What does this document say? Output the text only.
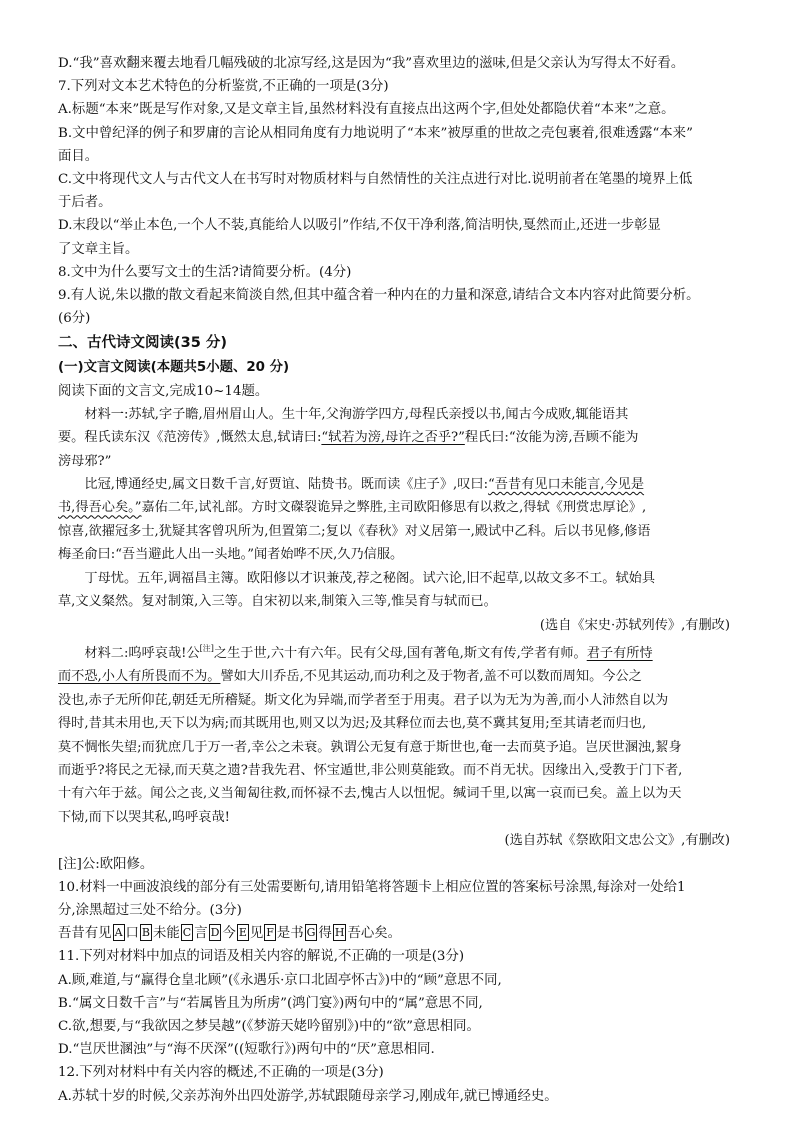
D.“我”喜欢翻来覆去地看几幅残破的北凉写经,这是因为“我”喜欢里边的滋味,但是父亲认为写得太不好看。
7.下列对文本艺术特色的分析鉴赏,不正确的一项是(3分)
A.标题“本来”既是写作对象,又是文章主旨,虽然材料没有直接点出这两个字,但处处都隐伏着“本来”之意。
B.文中曾纪泽的例子和罗庸的言论从相同角度有力地说明了“本来”被厚重的世故之壳包裹着,很难透露“本来”
面目。
C.文中将现代文人与古代文人在书写时对物质材料与自然情性的关注点进行对比.说明前者在笔墨的境界上低
于后者。
D.末段以“举止本色,一个人不装,真能给人以吸引”作结,不仅干净利落,简洁明快,戛然而止,还进一步彰显
了文章主旨。
8.文中为什么要写文士的生活?请简要分析。(4分)
9.有人说,朱以撒的散文看起来简淡自然,但其中蕴含着一种内在的力量和深意,请结合文本内容对此简要分析。
(6分)
二、古代诗文阅读(35 分)
(一)文言文阅读(本题共5小题、20 分)
阅读下面的文言文,完成10~14题。
材料一:苏轼,字子瞻,眉州眉山人。生十年,父洵游学四方,母程氏亲授以书,闻古今成败,辄能语其
要。程氏读东汉《范滂传》,慨然太息,轼请曰:“轼若为滂,母许之否乎?”程氏曰:“汝能为滂,吾顾不能为
滂母邪?”
比冠,博通经史,属文日数千言,好贾谊、陆贽书。既而读《庄子》,叹曰:“吾昔有见口未能言,今见是
书,得吾心矣。”嘉佑二年,试礼部。方时文磔裂诡异之弊胜,主司欧阳修思有以救之,得轼《刑赏忠厚论》,
惊喜,欲擢冠多士,犹疑其客曾巩所为,但置第二;复以《春秋》对义居第一,殿试中乙科。后以书见修,修语
梅圣俞曰:“吾当避此人出一头地。”闻者始哗不厌,久乃信服。
丁母忧。五年,调福昌主簿。欧阳修以才识兼茂,荐之秘阁。试六论,旧不起草,以故文多不工。轼始具
草,文义粲然。复对制策,入三等。自宋初以来,制策入三等,惟吴育与轼而已。
(选自《宋史·苏轼列传》,有删改)
材料二:呜呼哀哉!公[注]之生于世,六十有六年。民有父母,国有著龟,斯文有传,学者有师。君子有所恃
而不恐,小人有所畏而不为。譬如大川乔岳,不见其运动,而功利之及于物者,盖不可以数而周知。今公之
没也,赤子无所仰芘,朝廷无所稽疑。斯文化为异端,而学者至于用夷。君子以为无为为善,而小人沛然自以为
得时,昔其未用也,天下以为病;而其既用也,则又以为迟;及其释位而去也,莫不冀其复用;至其请老而归也,
莫不惆怅失望;而犹庶几于万一者,幸公之未衰。孰谓公无复有意于斯世也,奄一去而莫予追。岂厌世溷浊,絜身
而逝乎?将民之无禄,而天莫之遗?昔我先君、怀宝遁世,非公则莫能致。而不肖无状。因缘出入,受教于门下者,
十有六年于兹。闻公之丧,义当匍匐往救,而怀禄不去,愧古人以忸怩。缄词千里,以寓一哀而已矣。盖上以为天
下恸,而下以哭其私,呜呼哀哉!
(选自苏轼《祭欧阳文忠公文》,有删改)
[注]公:欧阳修。
10.材料一中画波浪线的部分有三处需要断句,请用铅笔将答题卡上相应位置的答案标号涂黑,每涂对一处给1
分,涂黑超过三处不给分。(3分)
吾昔有见 A 口 B 未能 C 言 D 今 E 见 F 是书 G 得 H 吾心矣。
11.下列对材料中加点的词语及相关内容的解说,不正确的一项是(3分)
A.顾,难道,与“赢得仓皇北顾”(《永遇乐·京口北固亭怀古》)中的“顾”意思不同,
B.“属文日数千言”与“若属皆且为所虏”(鸿门宴》)两句中的“属”意思不同,
C.欲,想要,与“我欲因之梦吴越”(《梦游天姥吟留别》)中的“欲”意思相同。
D.“岂厌世溷浊”与“海不厌深”((短歌行》)两句中的“厌”意思相同.
12.下列对材料中有关内容的概述,不正确的一项是(3分)
A.苏轼十岁的时候,父亲苏洵外出四处游学,苏轼跟随母亲学习,刚成年,就已博通经史。
